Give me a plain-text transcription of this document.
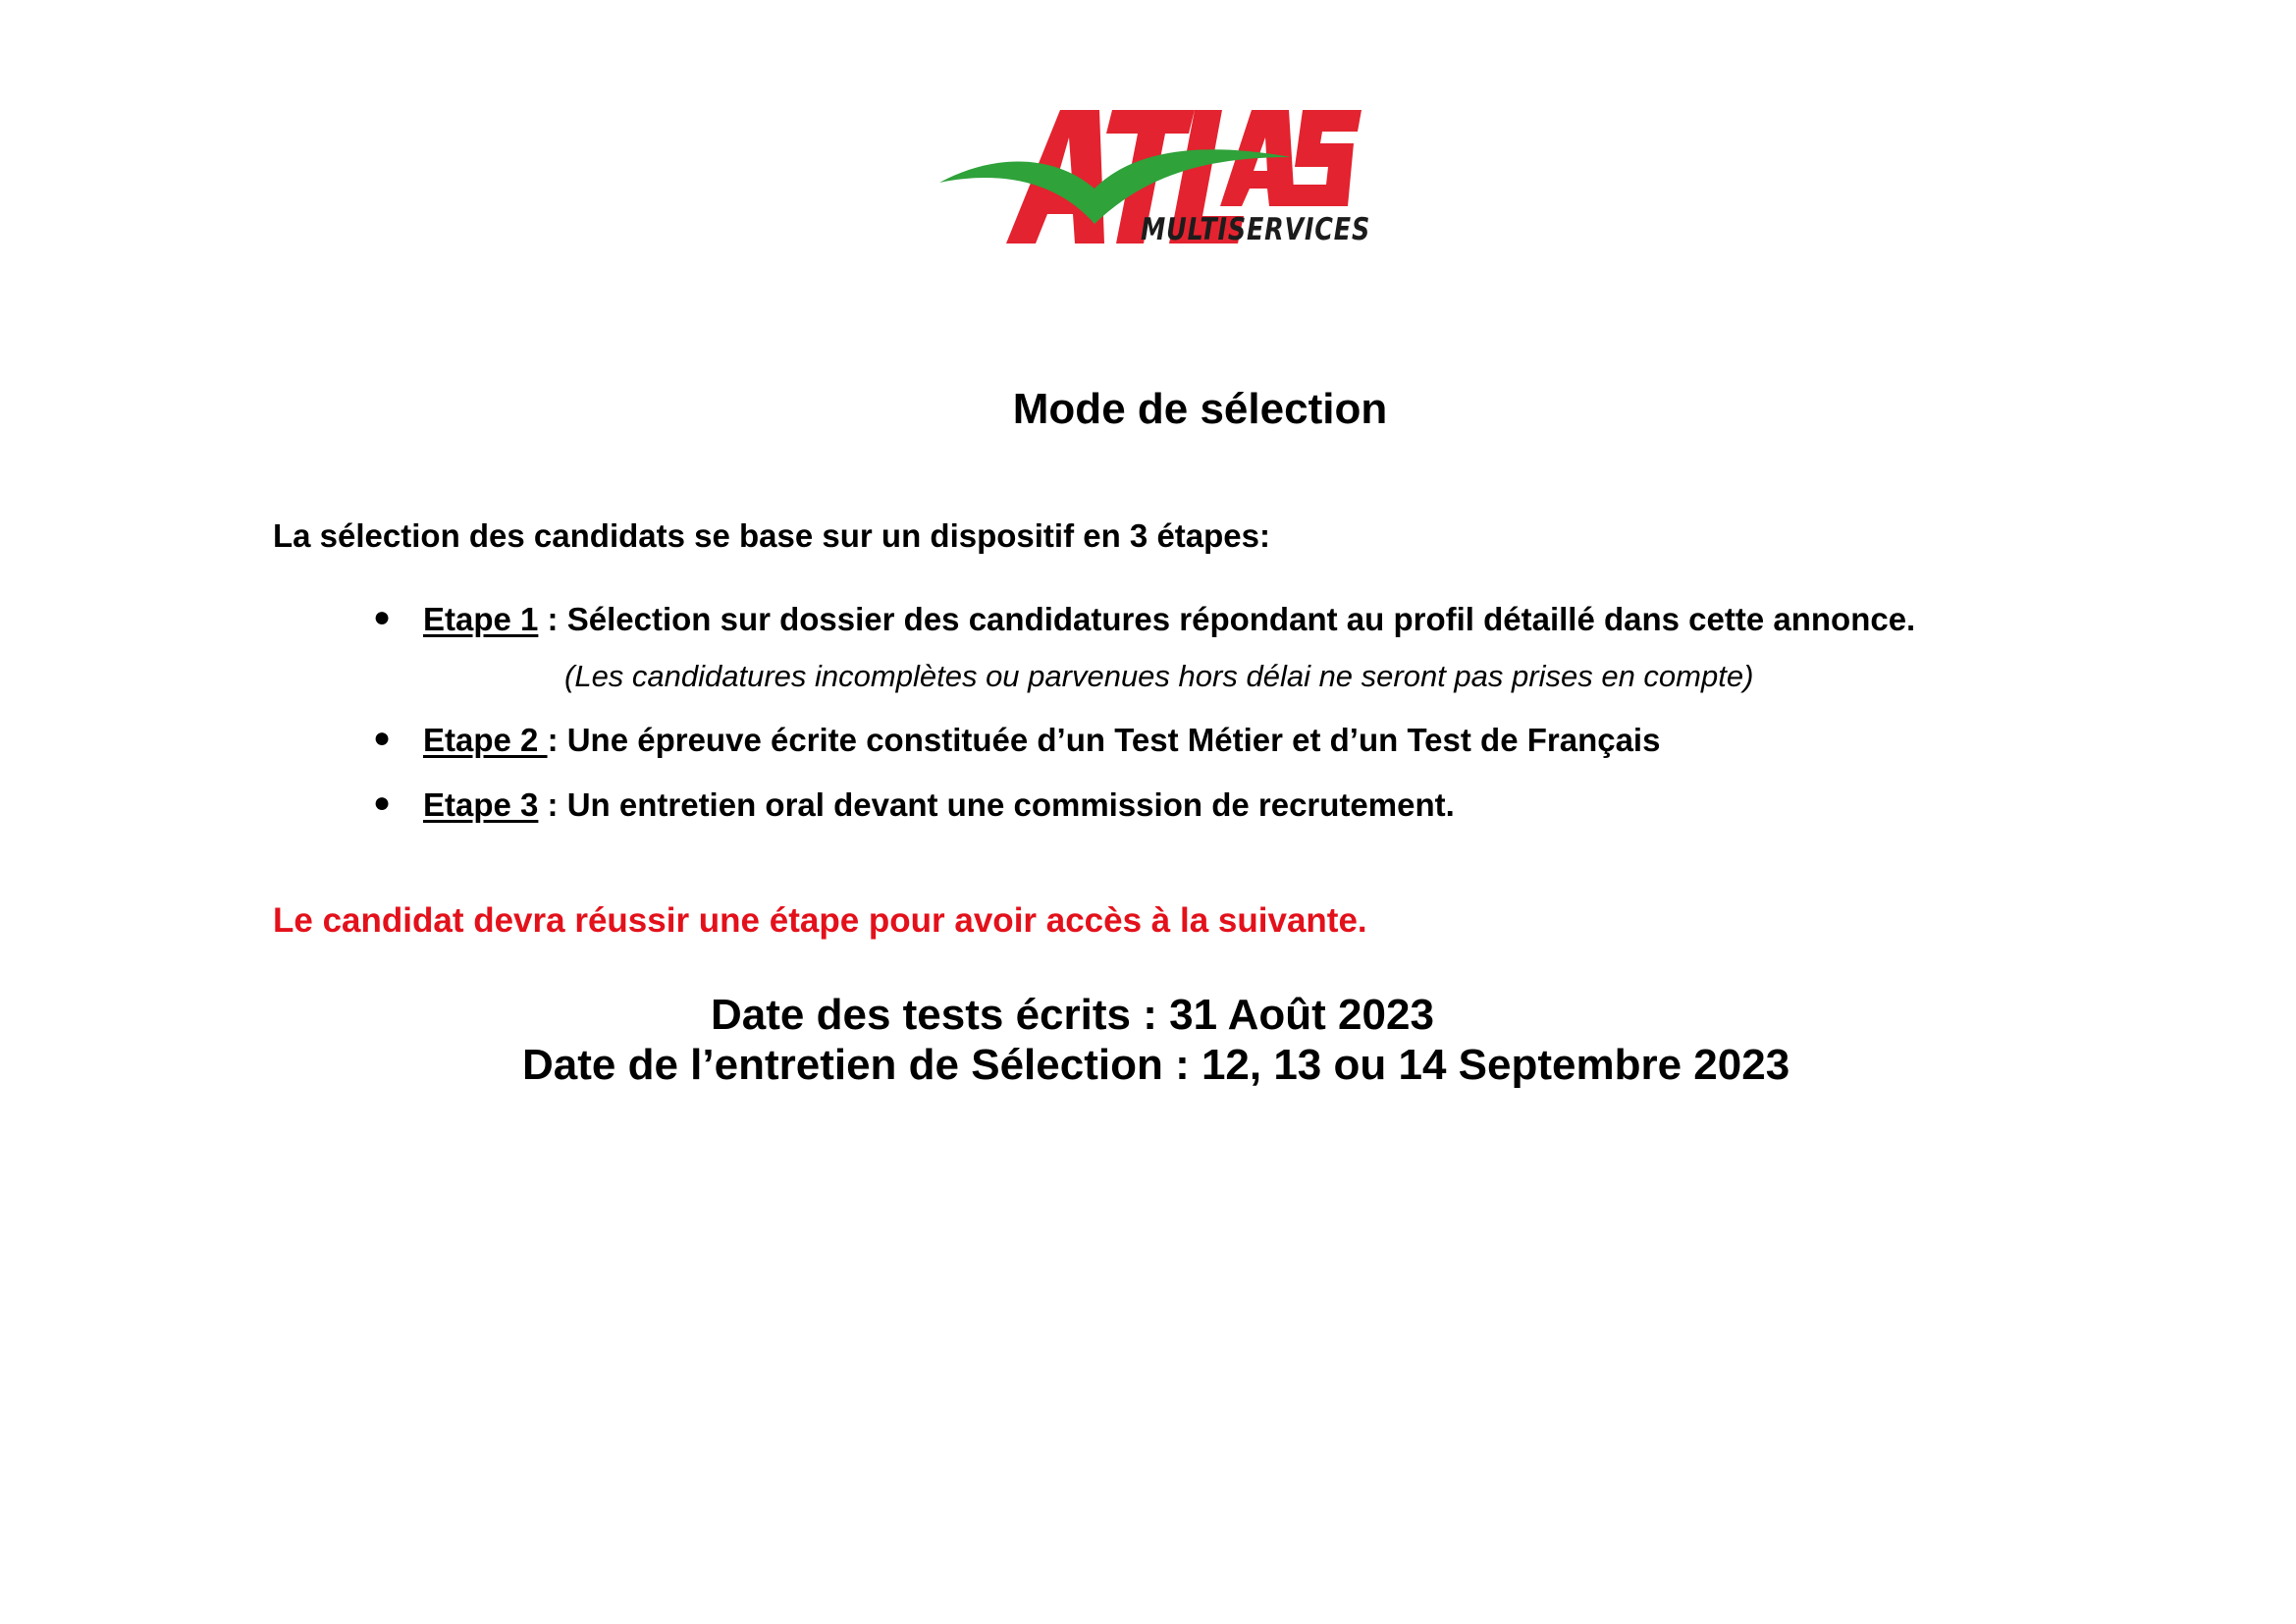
MULTISERVICES
Mode de sélection
La sélection des candidats se base sur un dispositif en 3 étapes:
● Etape 1 : Sélection sur dossier des candidatures répondant au profil détaillé dans cette annonce.
(Les candidatures incomplètes ou parvenues hors délai ne seront pas prises en compte)
● Etape 2 : Une épreuve écrite constituée d’un Test Métier et d’un Test de Français
● Etape 3 : Un entretien oral devant une commission de recrutement.
Le candidat devra réussir une étape pour avoir accès à la suivante.
Date des tests écrits : 31 Août 2023
Date de l’entretien de Sélection : 12, 13 ou 14 Septembre 2023
